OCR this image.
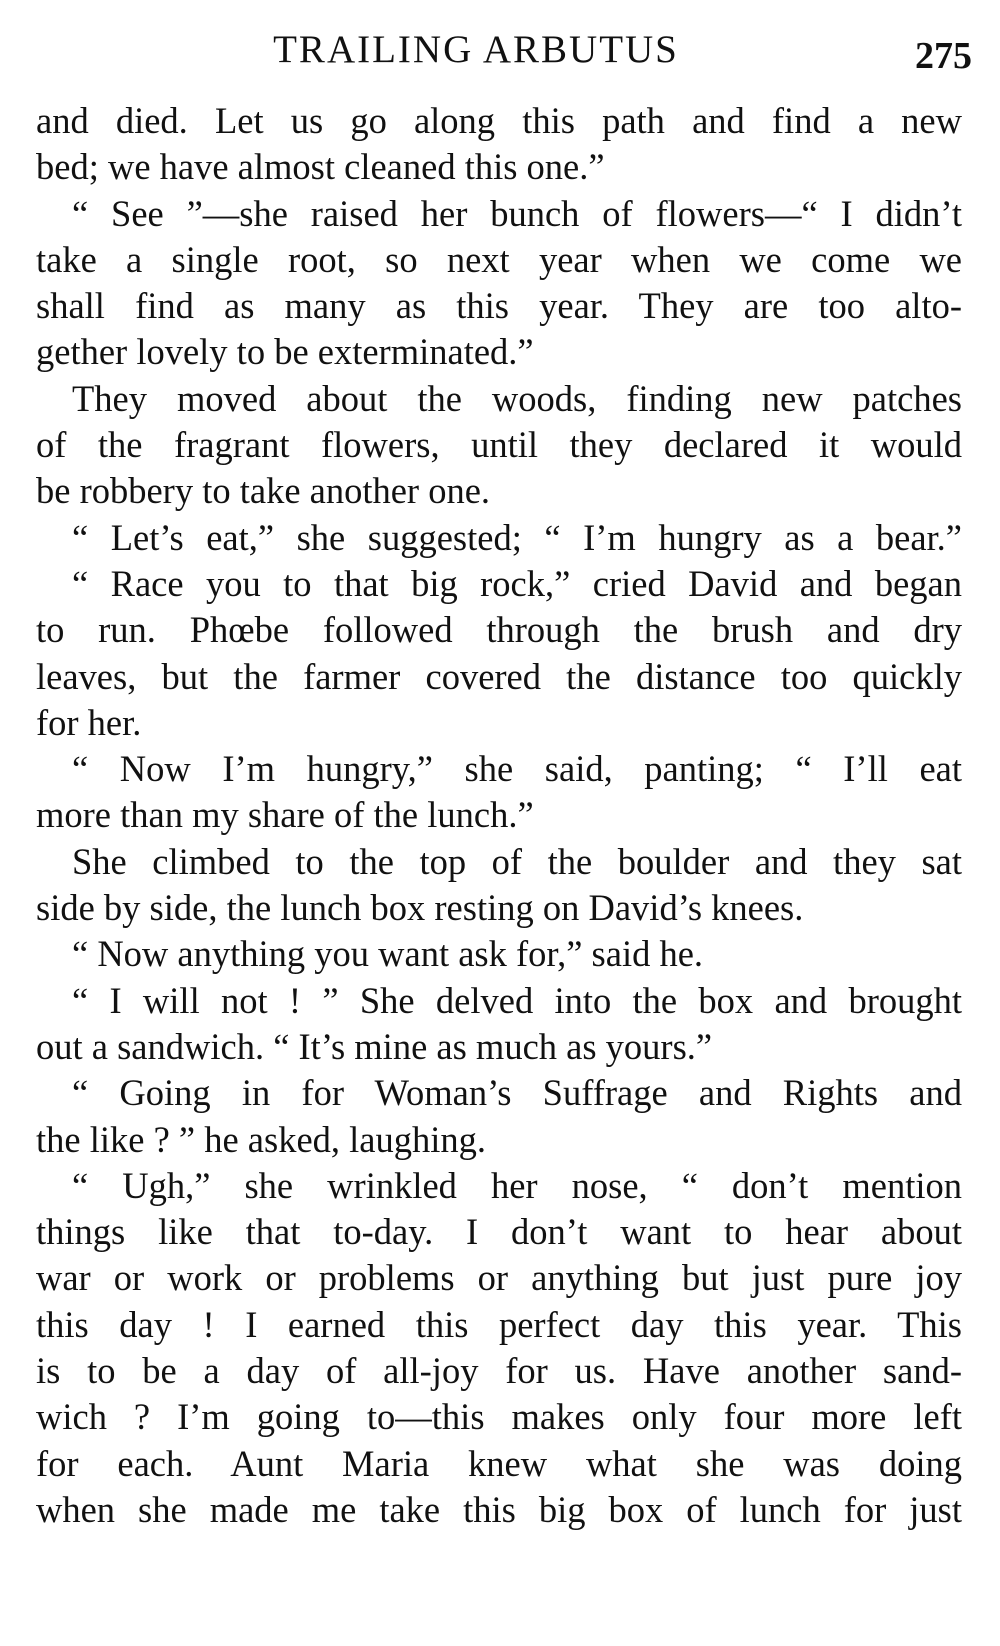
TRAILING ARBUTUS	275
and died. Let us go along this path and find a new
bed; we have almost cleaned this one.”
“ See ”—she raised her bunch of flowers—“ I didn’t
take a single root, so next year when we come we
shall find as many as this year. They are too alto-
gether lovely to be exterminated.”
They moved about the woods, finding new patches
of the fragrant flowers, until they declared it would
be robbery to take another one.
“ Let’s eat,” she suggested; “ I’m hungry as a bear.”
“ Race you to that big rock,” cried David and began
to run. Phœbe followed through the brush and dry
leaves, but the farmer covered the distance too quickly
for her.
“ Now I’m hungry,” she said, panting; “ I’ll eat
more than my share of the lunch.”
She climbed to the top of the boulder and they sat
side by side, the lunch box resting on David’s knees.
“ Now anything you want ask for,” said he.
“ I will not ! ” She delved into the box and brought
out a sandwich. “ It’s mine as much as yours.”
“ Going in for Woman’s Suffrage and Rights and
the like ? ” he asked, laughing.
“ Ugh,” she wrinkled her nose, “ don’t mention
things like that to-day. I don’t want to hear about
war or work or problems or anything but just pure joy
this day ! I earned this perfect day this year. This
is to be a day of all-joy for us. Have another sand-
wich ? I’m going to—this makes only four more left
for each. Aunt Maria knew what she was doing
when she made me take this big box of lunch for just
